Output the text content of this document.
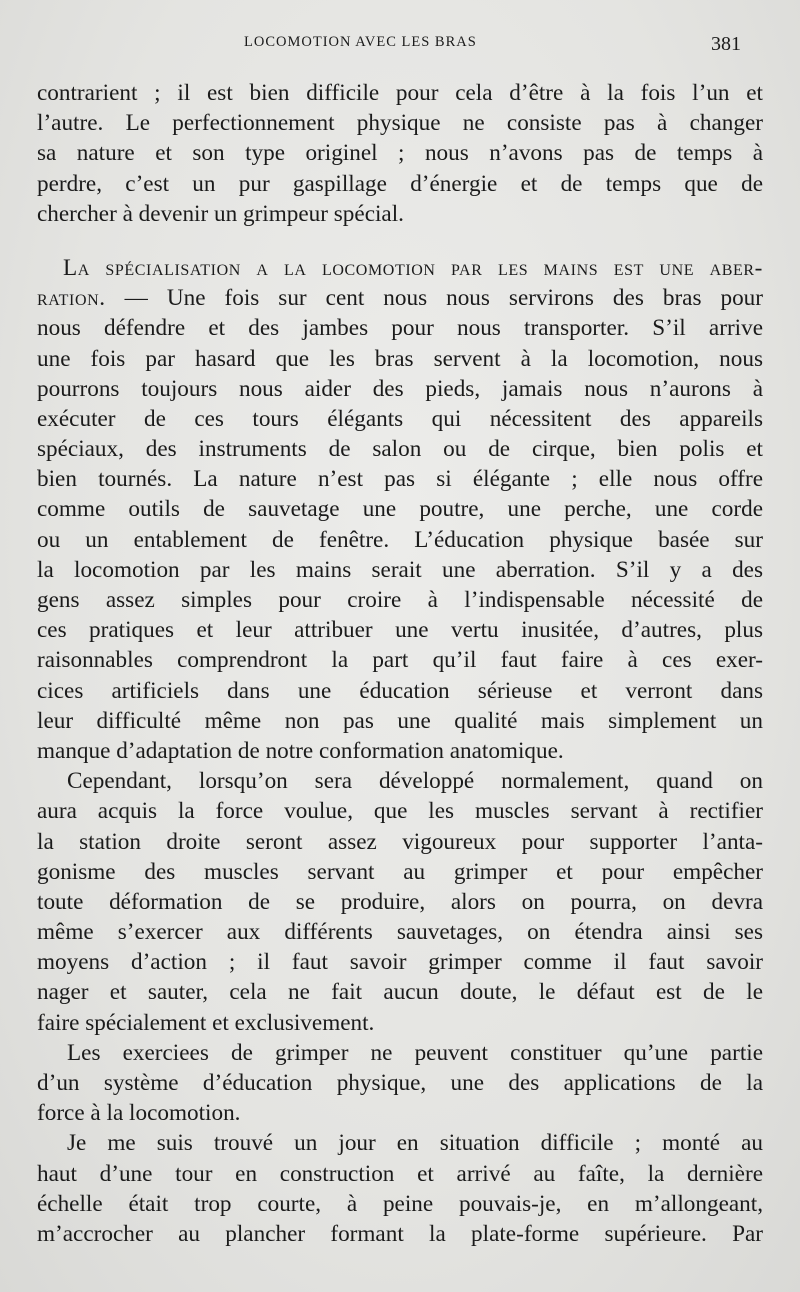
LOCOMOTION AVEC LES BRAS	381
contrarient ; il est bien difficile pour cela d’être à la fois l’un et
l’autre. Le perfectionnement physique ne consiste pas à changer
sa nature et son type originel ; nous n’avons pas de temps à
perdre, c’est un pur gaspillage d’énergie et de temps que de
chercher à devenir un grimpeur spécial.
La spécialisation a la locomotion par les mains est une aber-
ration. — Une fois sur cent nous nous servirons des bras pour
nous défendre et des jambes pour nous transporter. S’il arrive
une fois par hasard que les bras servent à la locomotion, nous
pourrons toujours nous aider des pieds, jamais nous n’aurons à
exécuter de ces tours élégants qui nécessitent des appareils
spéciaux, des instruments de salon ou de cirque, bien polis et
bien tournés. La nature n’est pas si élégante ; elle nous offre
comme outils de sauvetage une poutre, une perche, une corde
ou un entablement de fenêtre. L’éducation physique basée sur
la locomotion par les mains serait une aberration. S’il y a des
gens assez simples pour croire à l’indispensable nécessité de
ces pratiques et leur attribuer une vertu inusitée, d’autres, plus
raisonnables comprendront la part qu’il faut faire à ces exer-
cices artificiels dans une éducation sérieuse et verront dans
leur difficulté même non pas une qualité mais simplement un
manque d’adaptation de notre conformation anatomique.
Cependant, lorsqu’on sera développé normalement, quand on
aura acquis la force voulue, que les muscles servant à rectifier
la station droite seront assez vigoureux pour supporter l’anta-
gonisme des muscles servant au grimper et pour empêcher
toute déformation de se produire, alors on pourra, on devra
même s’exercer aux différents sauvetages, on étendra ainsi ses
moyens d’action ; il faut savoir grimper comme il faut savoir
nager et sauter, cela ne fait aucun doute, le défaut est de le
faire spécialement et exclusivement.
Les exerciees de grimper ne peuvent constituer qu’une partie
d’un système d’éducation physique, une des applications de la
force à la locomotion.
Je me suis trouvé un jour en situation difficile ; monté au
haut d’une tour en construction et arrivé au faîte, la dernière
échelle était trop courte, à peine pouvais-je, en m’allongeant,
m’accrocher au plancher formant la plate-forme supérieure. Par
